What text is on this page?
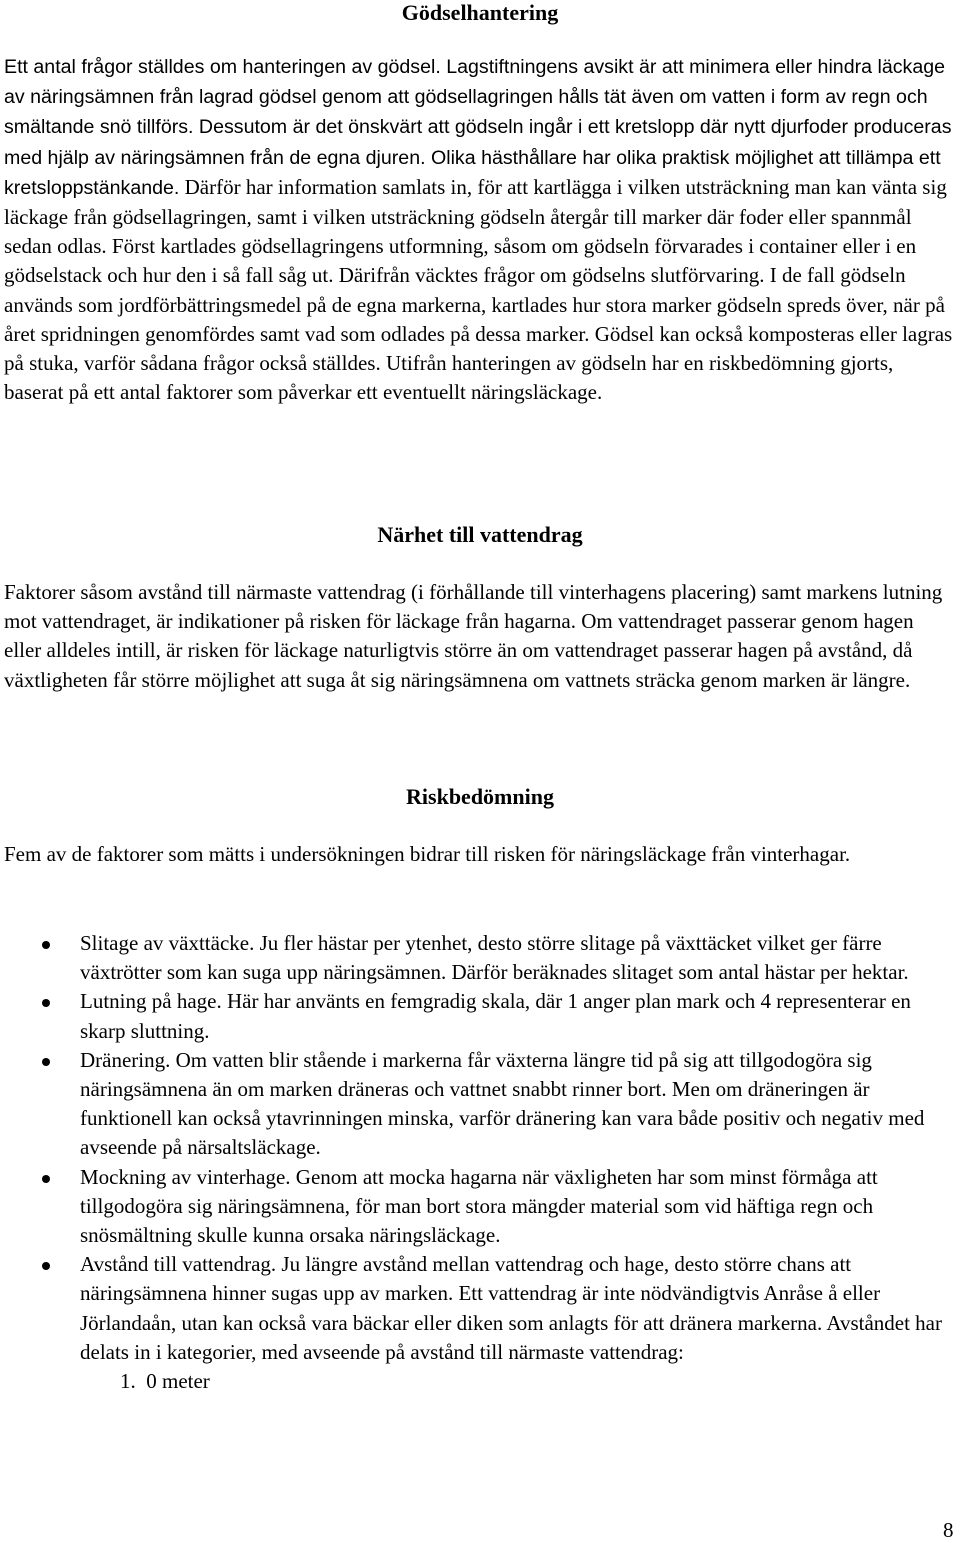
Gödselhantering

Ett antal frågor ställdes om hanteringen av gödsel. Lagstiftningens avsikt är att minimera eller hindra läckage av näringsämnen från lagrad gödsel genom att gödsellagringen hålls tät även om vatten i form av regn och smältande snö tillförs. Dessutom är det önskvärt att gödseln ingår i ett kretslopp där nytt djurfoder produceras med hjälp av näringsämnen från de egna djuren. Olika hästhållare har olika praktisk möjlighet att tillämpa ett kretsloppstänkande. Därför har information samlats in, för att kartlägga i vilken utsträckning man kan vänta sig läckage från gödsellagringen, samt i vilken utsträckning gödseln återgår till marker där foder eller spannmål sedan odlas. Först kartlades gödsellagringens utformning, såsom om gödseln förvarades i container eller i en gödselstack och hur den i så fall såg ut. Därifrån väcktes frågor om gödselns slutförvaring. I de fall gödseln används som jordförbättringsmedel på de egna markerna, kartlades hur stora marker gödseln spreds över, när på året spridningen genomfördes samt vad som odlades på dessa marker. Gödsel kan också komposteras eller lagras på stuka, varför sådana frågor också ställdes. Utifrån hanteringen av gödseln har en riskbedömning gjorts, baserat på ett antal faktorer som påverkar ett eventuellt näringsläckage.

Närhet till vattendrag

Faktorer såsom avstånd till närmaste vattendrag (i förhållande till vinterhagens placering) samt markens lutning mot vattendraget, är indikationer på risken för läckage från hagarna. Om vattendraget passerar genom hagen eller alldeles intill, är risken för läckage naturligtvis större än om vattendraget passerar hagen på avstånd, då växtligheten får större möjlighet att suga åt sig näringsämnena om vattnets sträcka genom marken är längre.

Riskbedömning

Fem av de faktorer som mätts i undersökningen bidrar till risken för näringsläckage från vinterhagar.

Slitage av växttäcke. Ju fler hästar per ytenhet, desto större slitage på växttäcket vilket ger färre växtrötter som kan suga upp näringsämnen. Därför beräknades slitaget som antal hästar per hektar.
Lutning på hage. Här har använts en femgradig skala, där 1 anger plan mark och 4 representerar en skarp sluttning.
Dränering. Om vatten blir stående i markerna får växterna längre tid på sig att tillgodogöra sig näringsämnena än om marken dräneras och vattnet snabbt rinner bort. Men om dräneringen är funktionell kan också ytavrinningen minska, varför dränering kan vara både positiv och negativ med avseende på närsaltsläckage.
Mockning av vinterhage. Genom att mocka hagarna när växligheten har som minst förmåga att tillgodogöra sig näringsämnena, för man bort stora mängder material som vid häftiga regn och snösmältning skulle kunna orsaka näringsläckage.
Avstånd till vattendrag. Ju längre avstånd mellan vattendrag och hage, desto större chans att näringsämnena hinner sugas upp av marken. Ett vattendrag är inte nödvändigtvis Anråse å eller Jörlandaån, utan kan också vara bäckar eller diken som anlagts för att dränera markerna. Avståndet har delats in i kategorier, med avseende på avstånd till närmaste vattendrag:
1. 0 meter
8
